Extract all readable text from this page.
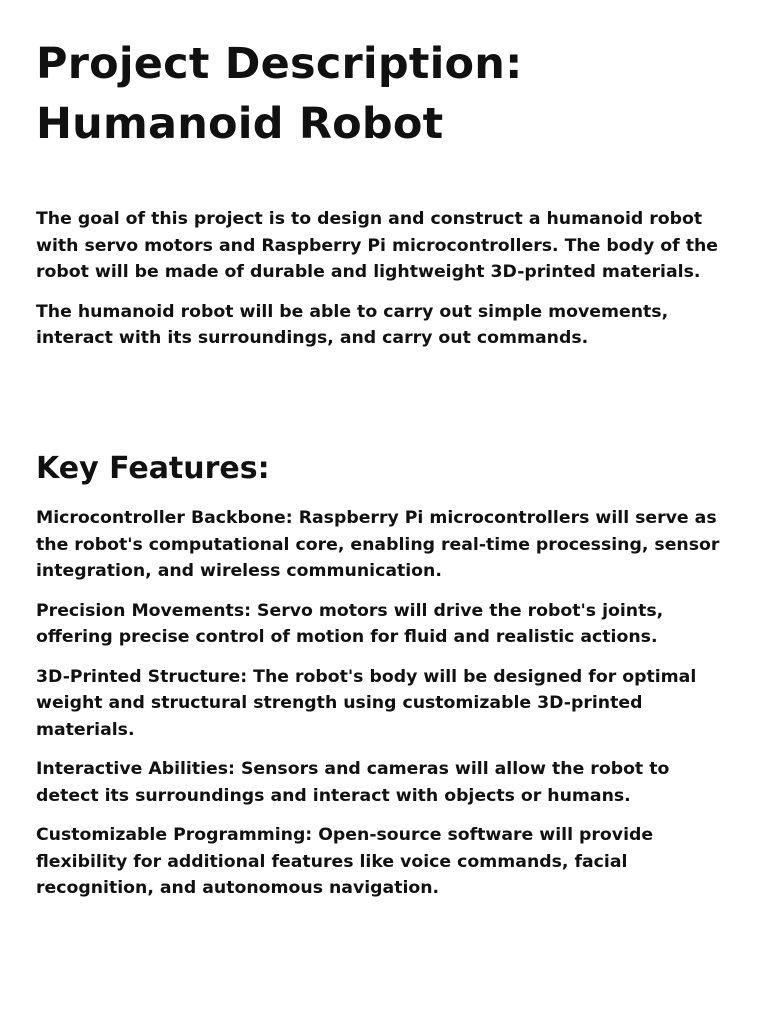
Project Description: Humanoid Robot

The goal of this project is to design and construct a humanoid robot with servo motors and Raspberry Pi microcontrollers. The body of the robot will be made of durable and lightweight 3D-printed materials.

The humanoid robot will be able to carry out simple movements, interact with its surroundings, and carry out commands.

Key Features:

Microcontroller Backbone: Raspberry Pi microcontrollers will serve as the robot's computational core, enabling real-time processing, sensor integration, and wireless communication.

Precision Movements: Servo motors will drive the robot's joints, offering precise control of motion for fluid and realistic actions.

3D-Printed Structure: The robot's body will be designed for optimal weight and structural strength using customizable 3D-printed materials.

Interactive Abilities: Sensors and cameras will allow the robot to detect its surroundings and interact with objects or humans.

Customizable Programming: Open-source software will provide flexibility for additional features like voice commands, facial recognition, and autonomous navigation.
